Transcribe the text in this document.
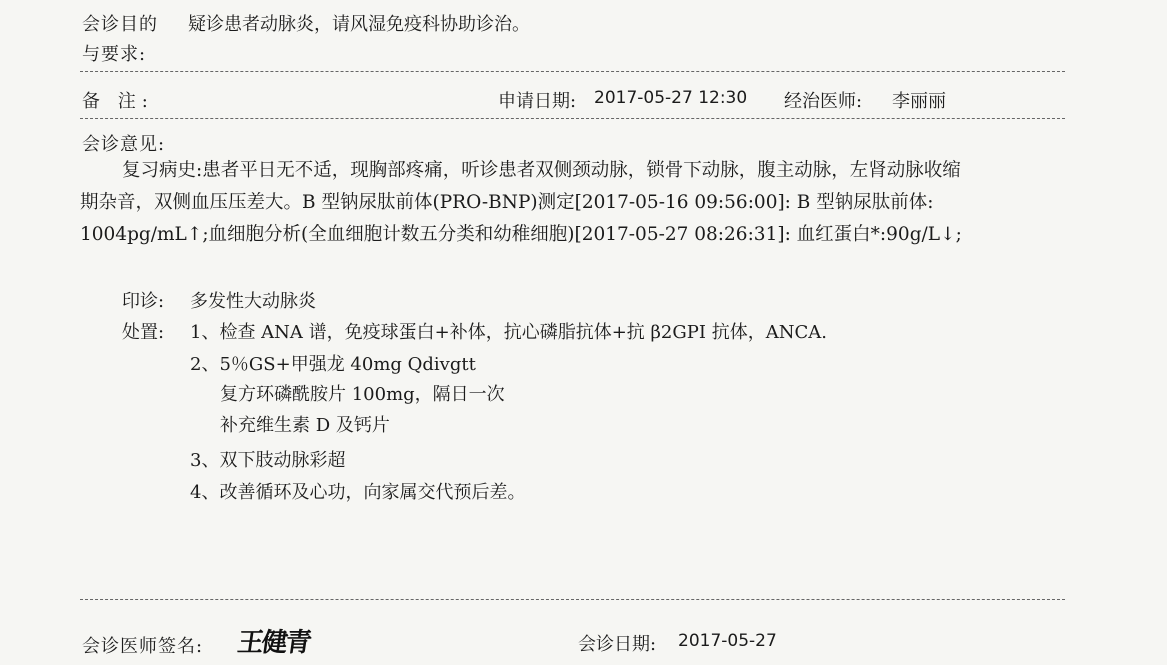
会诊目的
与要求:
疑诊患者动脉炎，请风湿免疫科协助诊治。
备 注:	申请日期: 2017-05-27 12:30 经治医师: 李丽丽
会诊意见:
复习病史:患者平日无不适，现胸部疼痛，听诊患者双侧颈动脉，锁骨下动脉，腹主动脉，左肾动脉收缩
期杂音，双侧血压压差大。B 型钠尿肽前体(PRO-BNP)测定[2017-05-16 09:56:00]: B 型钠尿肽前体:
1004pg/mL↑;血细胞分析(全血细胞计数五分类和幼稚细胞)[2017-05-27 08:26:31]: 血红蛋白*:90g/L↓;
印诊: 多发性大动脉炎
处置: 1、检查 ANA 谱，免疫球蛋白+补体，抗心磷脂抗体+抗 β2GPI 抗体，ANCA.
2、5％GS+甲强龙 40mg Qdivgtt
复方环磷酰胺片 100mg，隔日一次
补充维生素 D 及钙片
3、双下肢动脉彩超
4、改善循环及心功，向家属交代预后差。
会诊医师签名: 王健青	会诊日期: 2017-05-27
